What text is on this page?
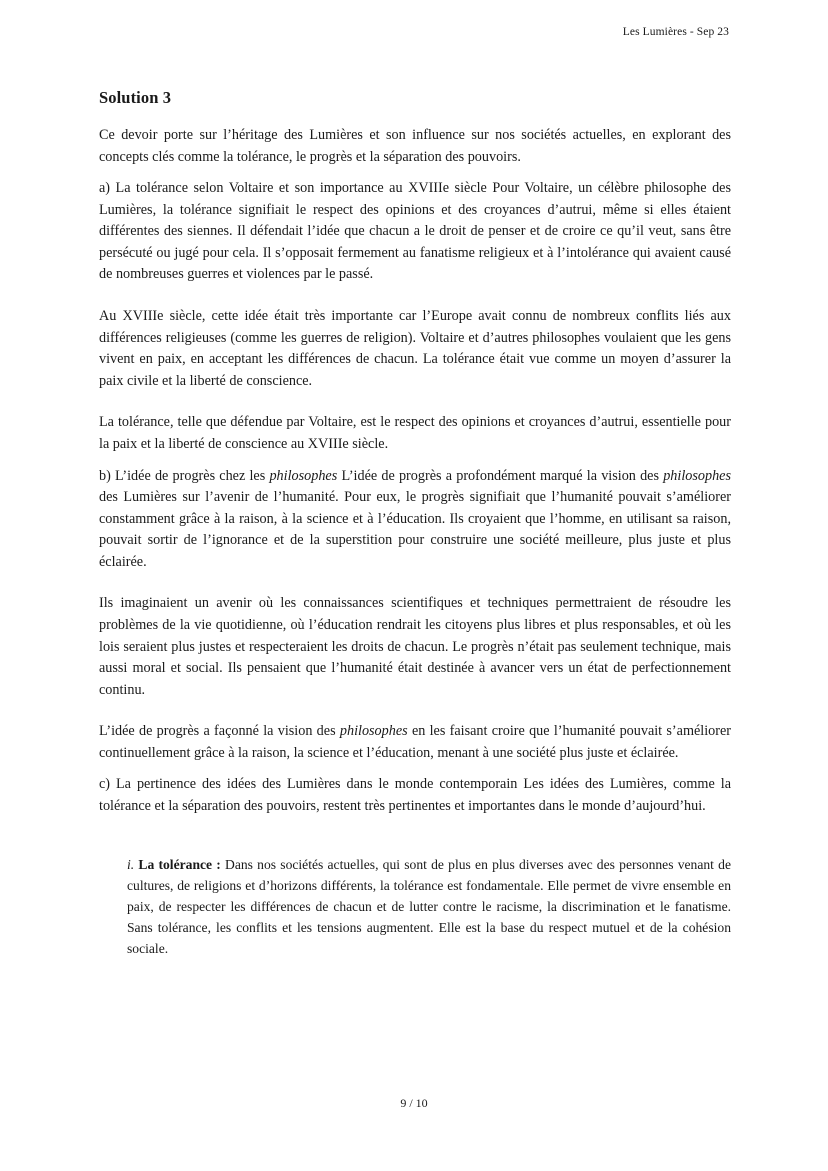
Les Lumières - Sep 23
Solution 3

Ce devoir porte sur l’héritage des Lumières et son influence sur nos sociétés actuelles, en explorant des concepts clés comme la tolérance, le progrès et la séparation des pouvoirs.

a) La tolérance selon Voltaire et son importance au XVIIIe siècle Pour Voltaire, un célèbre philosophe des Lumières, la tolérance signifiait le respect des opinions et des croyances d’autrui, même si elles étaient différentes des siennes. Il défendait l’idée que chacun a le droit de penser et de croire ce qu’il veut, sans être persécuté ou jugé pour cela. Il s’opposait fermement au fanatisme religieux et à l’intolérance qui avaient causé de nombreuses guerres et violences par le passé.

Au XVIIIe siècle, cette idée était très importante car l’Europe avait connu de nombreux conflits liés aux différences religieuses (comme les guerres de religion). Voltaire et d’autres philosophes voulaient que les gens vivent en paix, en acceptant les différences de chacun. La tolérance était vue comme un moyen d’assurer la paix civile et la liberté de conscience.

La tolérance, telle que défendue par Voltaire, est le respect des opinions et croyances d’autrui, essentielle pour la paix et la liberté de conscience au XVIIIe siècle.

b) L’idée de progrès chez les philosophes L’idée de progrès a profondément marqué la vision des philosophes des Lumières sur l’avenir de l’humanité. Pour eux, le progrès signifiait que l’humanité pouvait s’améliorer constamment grâce à la raison, à la science et à l’éducation. Ils croyaient que l’homme, en utilisant sa raison, pouvait sortir de l’ignorance et de la superstition pour construire une société meilleure, plus juste et plus éclairée.

Ils imaginaient un avenir où les connaissances scientifiques et techniques permettraient de résoudre les problèmes de la vie quotidienne, où l’éducation rendrait les citoyens plus libres et plus responsables, et où les lois seraient plus justes et respecteraient les droits de chacun. Le progrès n’était pas seulement technique, mais aussi moral et social. Ils pensaient que l’humanité était destinée à avancer vers un état de perfectionnement continu.

L’idée de progrès a façonné la vision des philosophes en les faisant croire que l’humanité pouvait s’améliorer continuellement grâce à la raison, la science et l’éducation, menant à une société plus juste et éclairée.

c) La pertinence des idées des Lumières dans le monde contemporain Les idées des Lumières, comme la tolérance et la séparation des pouvoirs, restent très pertinentes et importantes dans le monde d’aujourd’hui.

i. La tolérance : Dans nos sociétés actuelles, qui sont de plus en plus diverses avec des personnes venant de cultures, de religions et d’horizons différents, la tolérance est fondamentale. Elle permet de vivre ensemble en paix, de respecter les différences de chacun et de lutter contre le racisme, la discrimination et le fanatisme. Sans tolérance, les conflits et les tensions augmentent. Elle est la base du respect mutuel et de la cohésion sociale.
9 / 10
